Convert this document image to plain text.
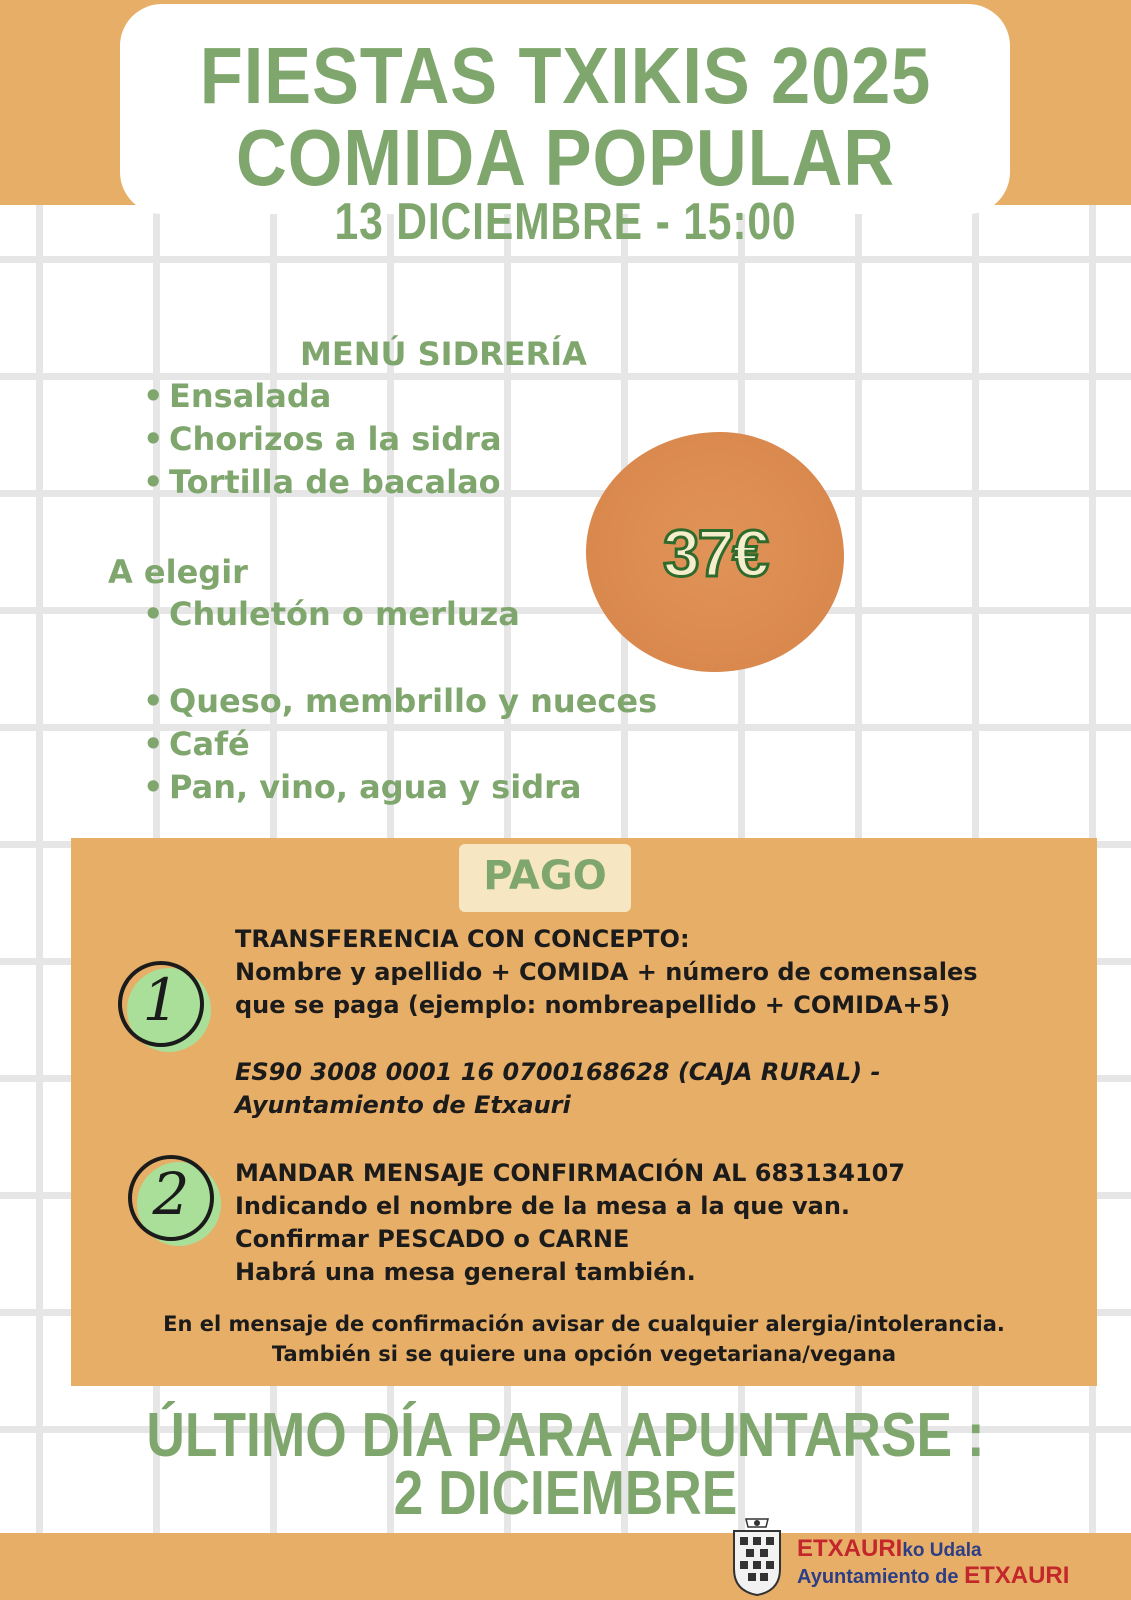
FIESTAS TXIKIS 2025
COMIDA POPULAR
13 DICIEMBRE - 15:00
MENÚ SIDRERÍA
• Ensalada
• Chorizos a la sidra
• Tortilla de bacalao
A elegir
• Chuletón o merluza
• Queso, membrillo y nueces
• Café
• Pan, vino, agua y sidra
37€
PAGO
1
TRANSFERENCIA CON CONCEPTO:
Nombre y apellido + COMIDA + número de comensales
que se paga (ejemplo: nombreapellido + COMIDA+5)
ES90 3008 0001 16 0700168628 (CAJA RURAL) -
Ayuntamiento de Etxauri
2	MANDAR MENSAJE CONFIRMACIÓN AL 683134107
Indicando el nombre de la mesa a la que van.
Confirmar PESCADO o CARNE
Habrá una mesa general también.
En el mensaje de confirmación avisar de cualquier alergia/intolerancia.
También si se quiere una opción vegetariana/vegana
ÚLTIMO DÍA PARA APUNTARSE :
2 DICIEMBRE
ETXAURIko Udala
Ayuntamiento de ETXAURI
